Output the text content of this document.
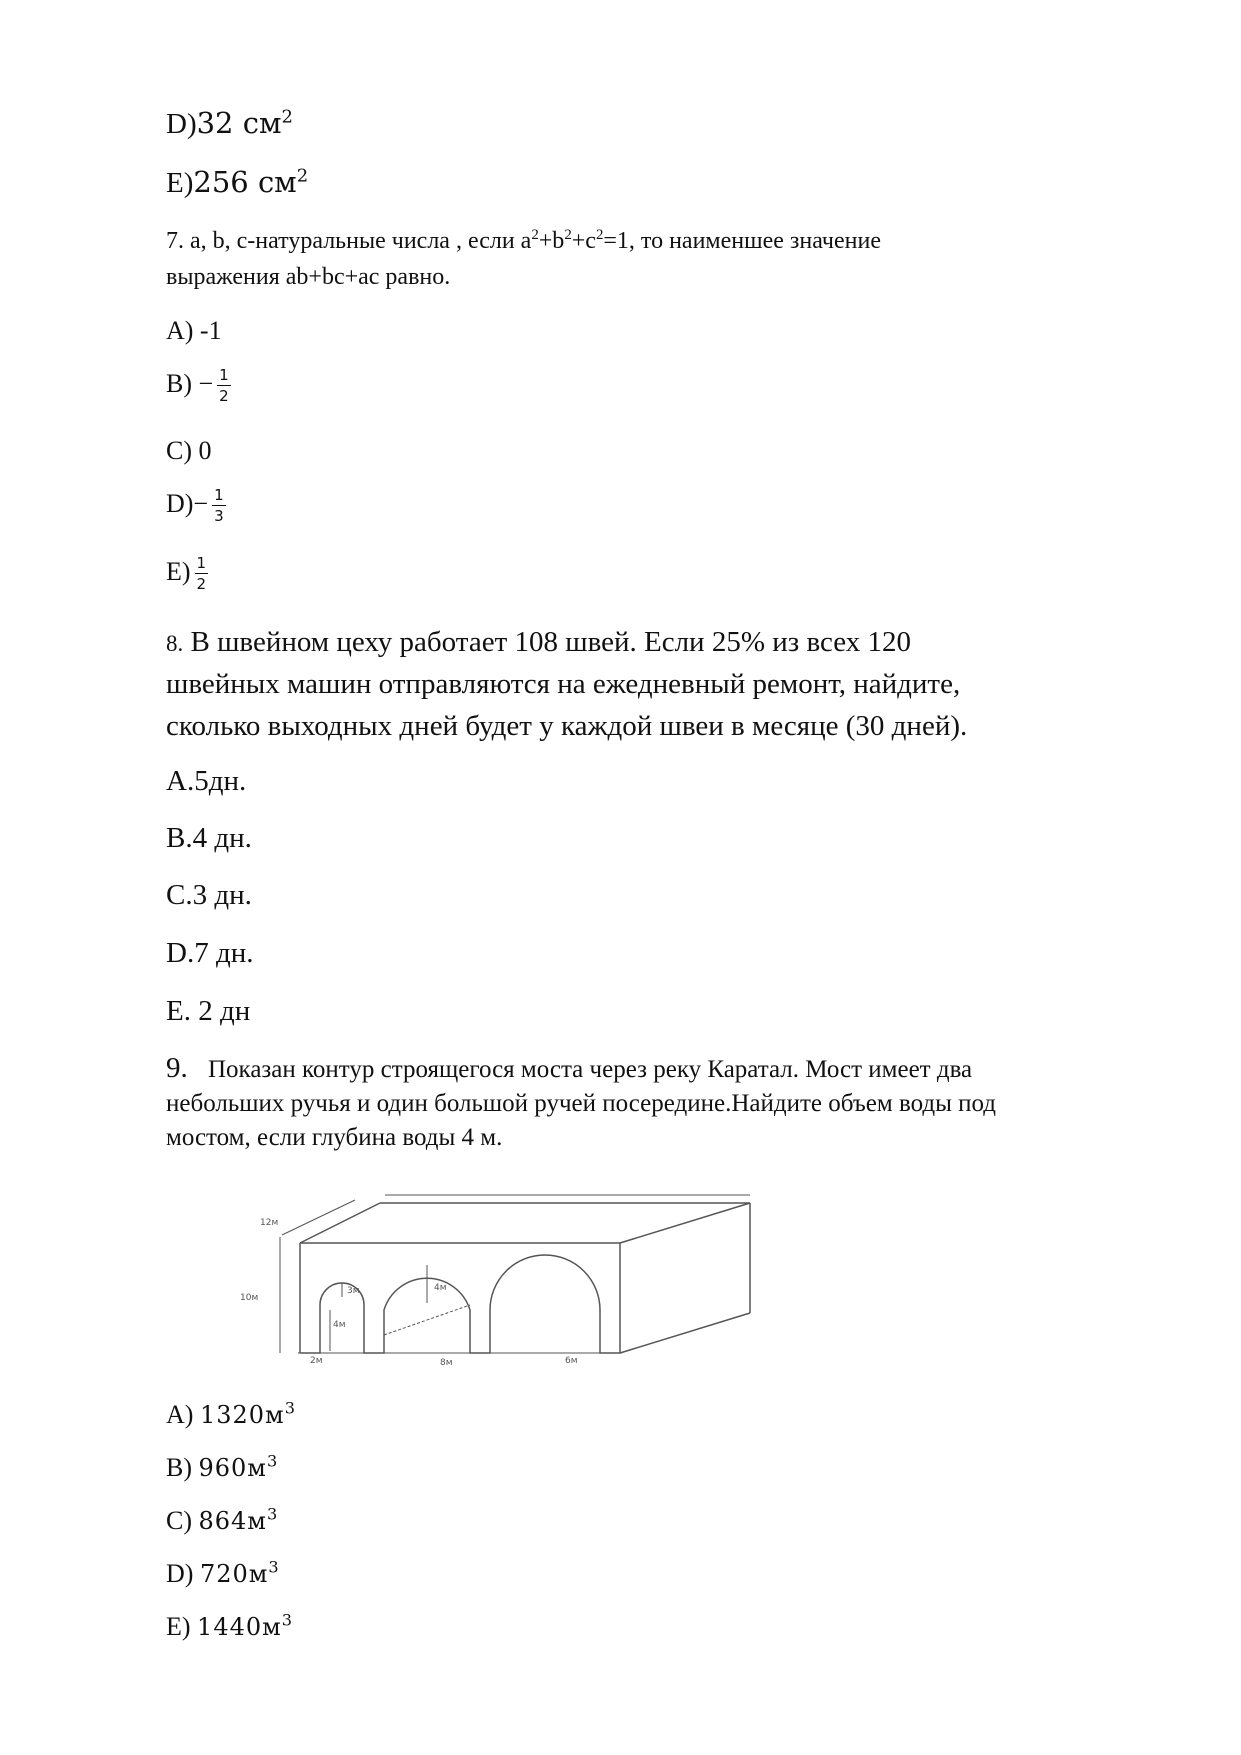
D)32 $см^2$
E)256 $см^2$
7. a, b, c-натуральные числа , если $a^2+b^2+c^2=1$, то наименшее значение
выражения ab+bc+ac равно.
A) -1
$B) - \frac{1}{2}$
C) 0
$D)- \frac{1}{3}$
$E) \frac{1}{2}$
8. В швейном цеху работает 108 швей. Если 25% из всех 120
швейных машин отправляются на ежедневный ремонт, найдите,
сколько выходных дней будет у каждой швеи в месяце (30 дней).
A.5дн.
B.4 дн.
C.3 дн.
D.7 дн.
E. 2 дн
9. Показан контур строящегося моста через реку Каратал. Мост имеет два
небольших ручья и один большой ручей посередине.Найдите объем воды под
мостом, если глубина воды 4 м.
12м
10м
3м
4м
4м
2м	8м	6м
A) $1320м^3$
B) $960м^3$
C) $864м^3$
D) $720м^3$
E) $1440м^3$
